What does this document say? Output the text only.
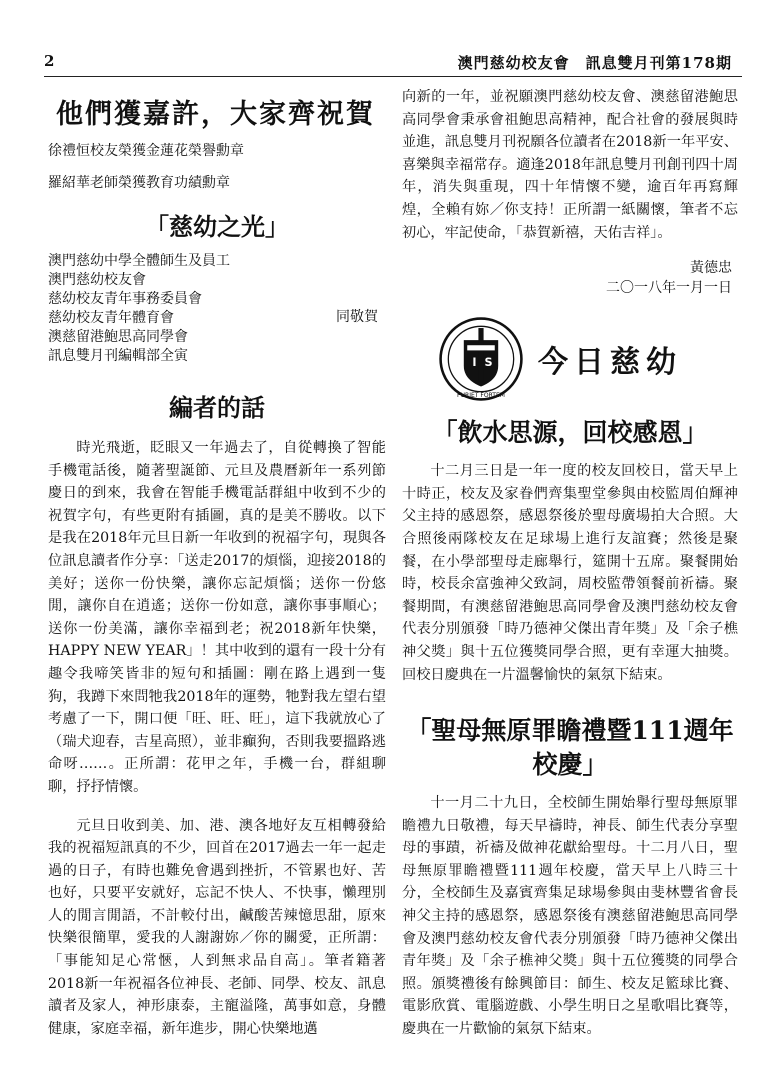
2	澳門慈幼校友會　訊息雙月刊第178期
他們獲嘉許，大家齊祝賀

徐禮恒校友榮獲金蓮花榮譽勳章

羅紹華老師榮獲教育功績勳章

「慈幼之光」

澳門慈幼中學全體師生及員工

澳門慈幼校友會

慈幼校友青年事務委員會

慈幼校友青年體育會

澳慈留港鮑思高同學會

訊息雙月刊編輯部全寅

同敬賀
編者的話

時光飛逝，眨眼又一年過去了，自從轉換了智能手機電話後，隨著聖誕節、元旦及農曆新年一系列節慶日的到來，我會在智能手機電話群組中收到不少的祝賀字句，有些更附有插圖，真的是美不勝收。以下是我在2018年元旦日新一年收到的祝福字句，現與各位訊息讀者作分享：「送走2017的煩惱，迎接2018的美好；送你一份快樂，讓你忘記煩惱；送你一份悠閒，讓你自在逍遙；送你一份如意，讓你事事順心；送你一份美滿，讓你幸福到老；祝2018新年快樂，HAPPY NEW YEAR」！其中收到的還有一段十分有趣令我啼笑皆非的短句和插圖：剛在路上遇到一隻狗，我蹲下來問牠我2018年的運勢，牠對我左望右望考慮了一下，開口便「旺、旺、旺」，這下我就放心了（瑞犬迎春，吉星高照），並非癲狗，否則我要搵路逃命呀……。正所謂：花甲之年，手機一台，群組聊聊，抒抒情懷。

元旦日收到美、加、港、澳各地好友互相轉發給我的祝福短訊真的不少，回首在2017過去一年一起走過的日子，有時也難免會遇到挫折，不管累也好、苦也好，只要平安就好，忘記不快人、不快事，懶理別人的閒言閒語，不計較付出，鹹酸苦辣憶思甜，原來快樂很簡單，愛我的人謝謝妳／你的關愛，正所謂：「事能知足心常愜，人到無求品自高」。筆者籍著2018新一年祝福各位神長、老師、同學、校友、訊息讀者及家人，神形康泰，主寵溢隆，萬事如意，身體健康，家庭幸福，新年進步，開心快樂地邁

向新的一年，並祝願澳門慈幼校友會、澳慈留港鮑思高同學會秉承會祖鮑思高精神，配合社會的發展與時並進，訊息雙月刊祝願各位讀者在2018新一年平安、喜樂與幸福常存。適逢2018年訊息雙月刊創刊四十周年，消失與重現，四十年情懷不變，逾百年再寫輝煌，全賴有妳／你支持！正所謂一紙關懷，筆者不忘初心，牢記使命，「恭賀新禧，天佑吉祥」。

黃德忠
二〇一八年一月一日
I S
PURIET FORTEM
今日慈幼
「飲水思源，回校感恩」

十二月三日是一年一度的校友回校日，當天早上十時正，校友及家眷們齊集聖堂參與由校監周伯輝神父主持的感恩祭，感恩祭後於聖母廣場拍大合照。大合照後兩隊校友在足球場上進行友誼賽；然後是聚餐，在小學部聖母走廊舉行，筵開十五席。聚餐開始時，校長余富強神父致詞，周校監帶領餐前祈禱。聚餐期間，有澳慈留港鮑思高同學會及澳門慈幼校友會代表分別頒發「時乃德神父傑出青年獎」及「余子樵神父獎」與十五位獲獎同學合照，更有幸運大抽獎。回校日慶典在一片溫馨愉快的氣氛下結束。

「聖母無原罪瞻禮暨111週年校慶」

十一月二十九日，全校師生開始舉行聖母無原罪瞻禮九日敬禮，每天早禱時，神長、師生代表分享聖母的事蹟，祈禱及做神花獻給聖母。十二月八日，聖母無原罪瞻禮暨111週年校慶，當天早上八時三十分，全校師生及嘉賓齊集足球場參與由斐林豐省會長神父主持的感恩祭，感恩祭後有澳慈留港鮑思高同學會及澳門慈幼校友會代表分別頒發「時乃德神父傑出青年獎」及「余子樵神父獎」與十五位獲獎的同學合照。頒獎禮後有餘興節目：師生、校友足籃球比賽、電影欣賞、電腦遊戲、小學生明日之星歌唱比賽等，慶典在一片歡愉的氣氛下結束。
